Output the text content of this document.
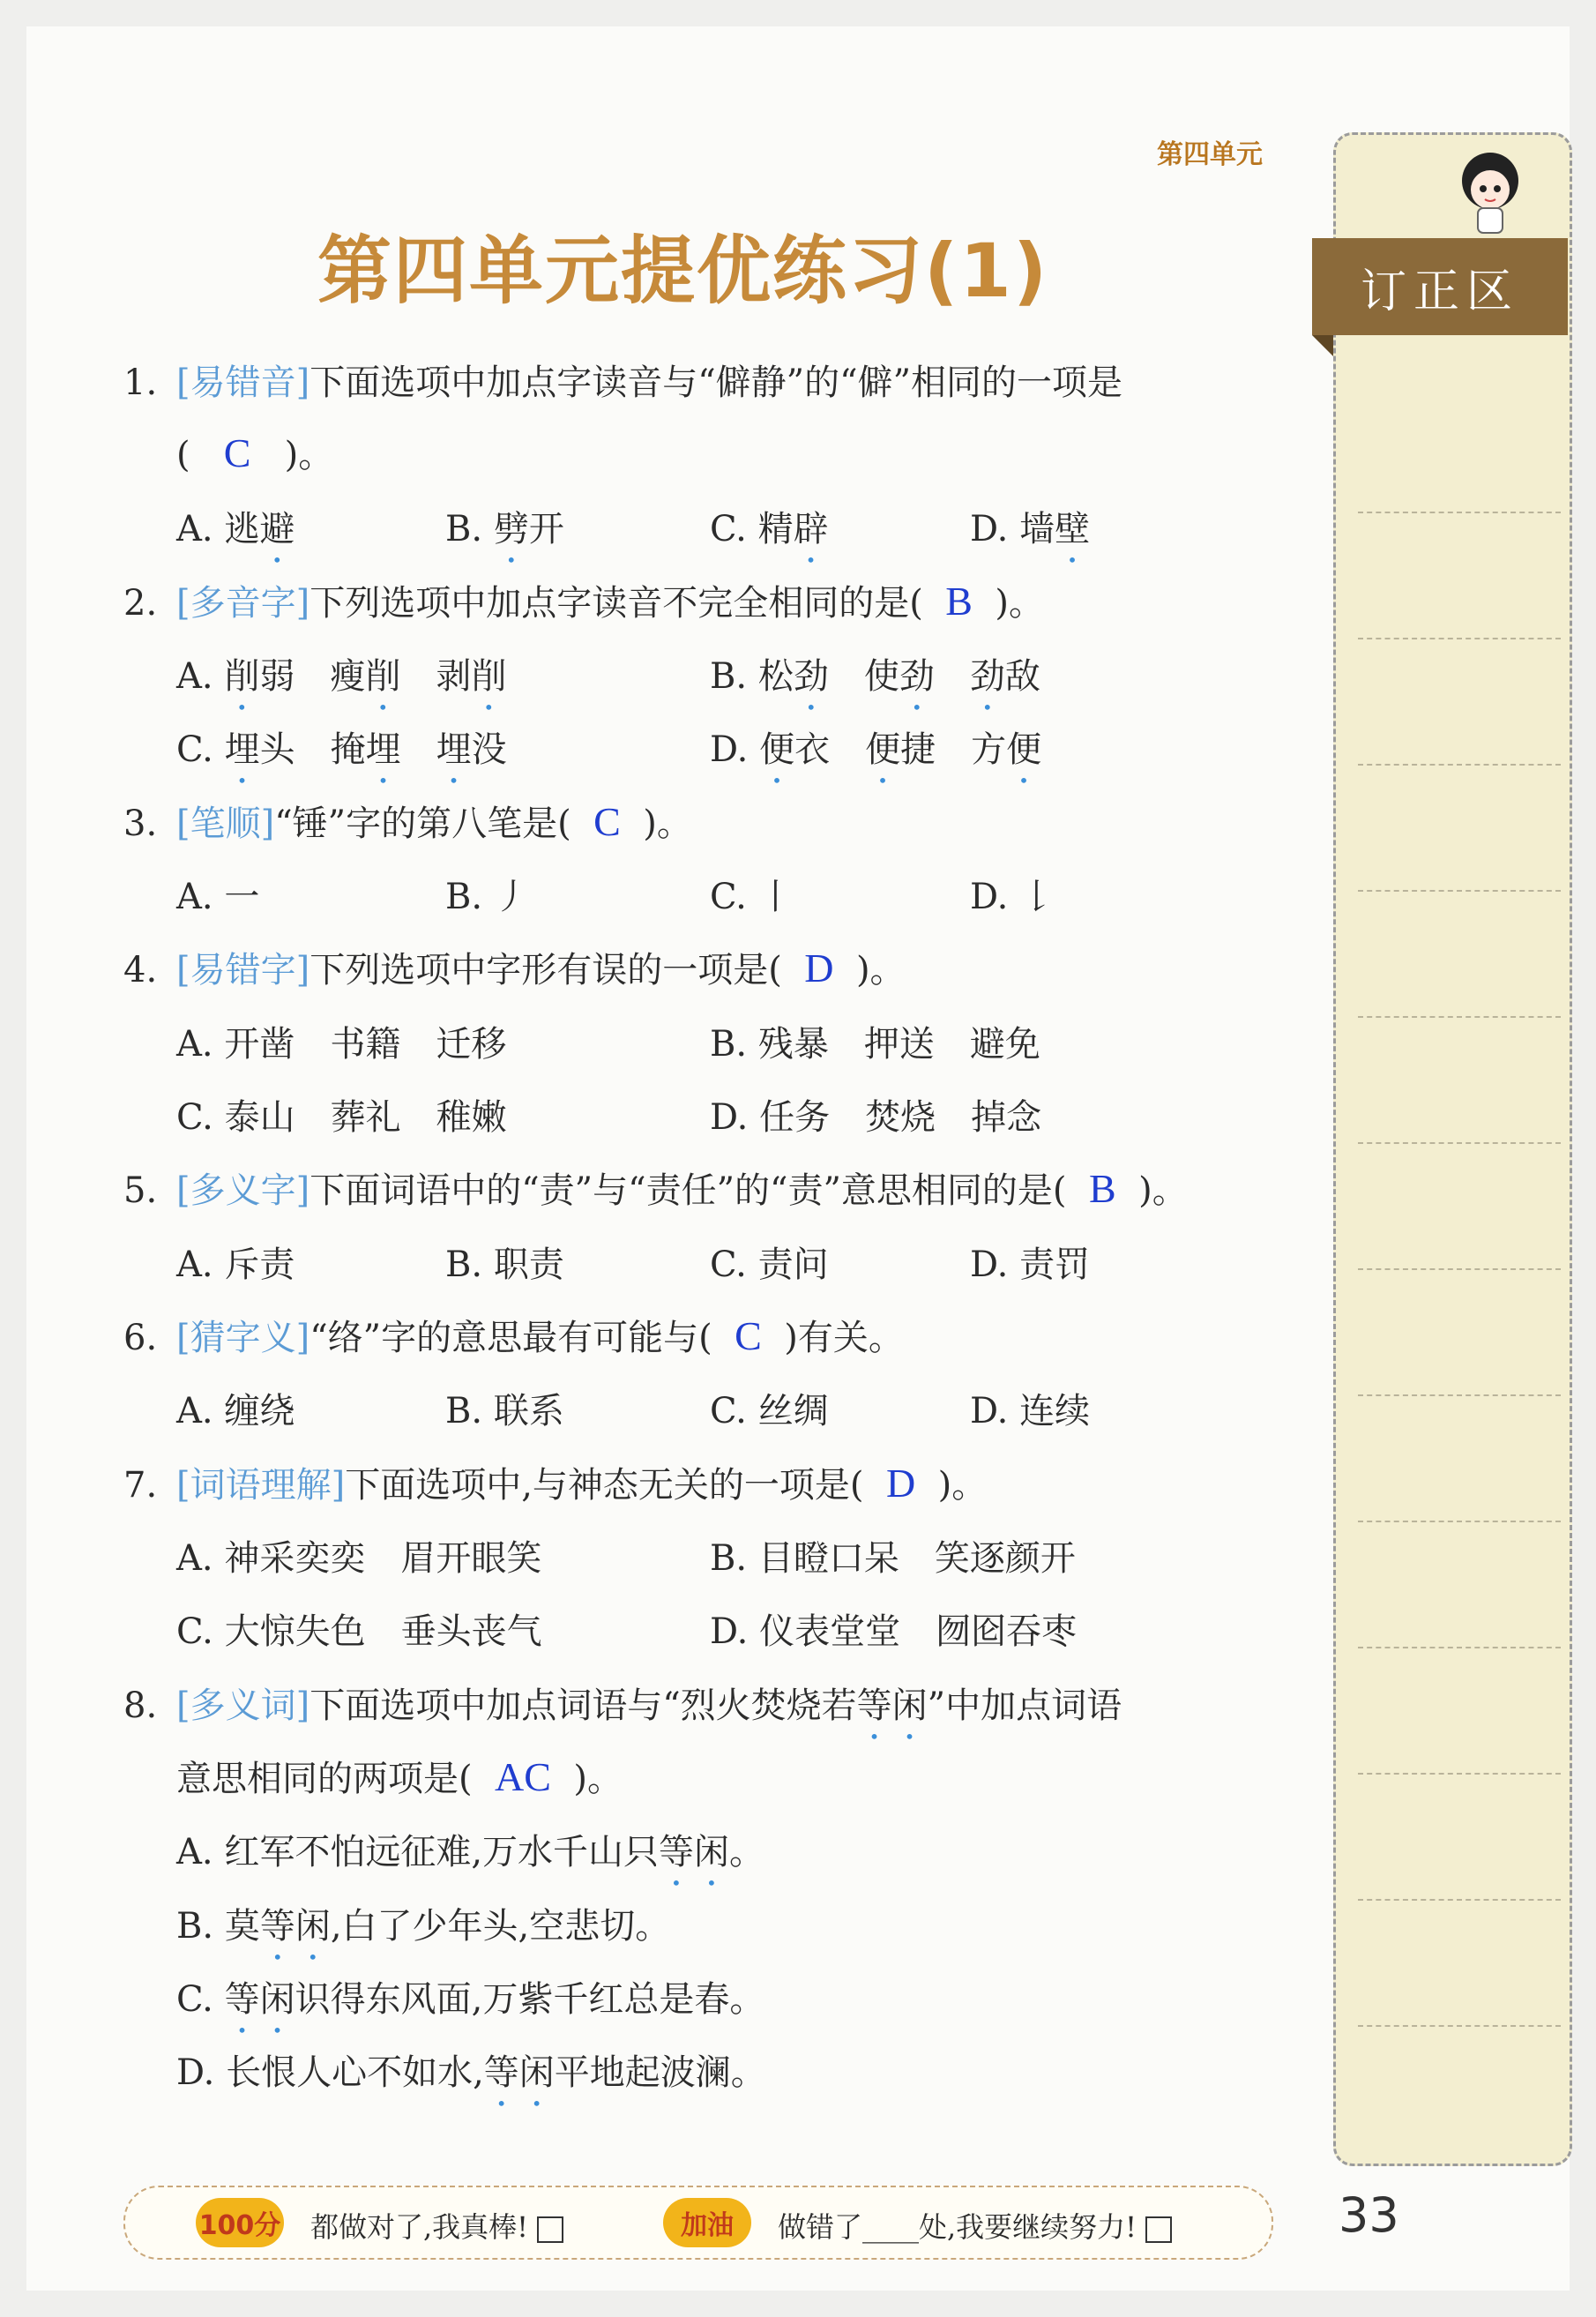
第四单元
第四单元提优练习(1)	订正区
1. [易错音]下面选项中加点字读音与“僻静”的“僻”相同的一项是
( C )。
A. 逃避	B. 劈开	C. 精辟	D. 墙壁
2. [多音字]下列选项中加点字读音不完全相同的是( B )。
A. 削弱　 瘦削　 剥削	B. 松劲　 使劲　 劲敌
C. 埋头　 掩埋　 埋没	D. 便衣　 便捷　 方便
3. [笔顺]“锤”字的第八笔是( C )。
A. 一	B. 丿	C. 丨	D. 𠄌
4. [易错字]下列选项中字形有误的一项是( D )。
A. 开凿　书籍　迁移	B. 残暴　押送　避免
C. 泰山　葬礼　稚嫩	D. 任务　焚烧　掉念
5. [多义字]下面词语中的“责”与“责任”的“责”意思相同的是( B )。
A. 斥责	B. 职责	C. 责问	D. 责罚
6. [猜字义]“络”字的意思最有可能与( C )有关。
A. 缠绕	B. 联系	C. 丝绸	D. 连续
7. [词语理解]下面选项中,与神态无关的一项是( D )。
A. 神采奕奕　眉开眼笑	B. 目瞪口呆　笑逐颜开
C. 大惊失色　垂头丧气	D. 仪表堂堂　囫囵吞枣
8. [多义词]下面选项中加点词语与“烈火焚烧若等闲”中加点词语
意思相同的两项是( AC )。
A. 红军不怕远征难,万水千山只等闲。
B. 莫等闲,白了少年头,空悲切。
C. 等闲识得东风面,万紫千红总是春。
D. 长恨人心不如水,等闲平地起波澜。
100分 都做对了,我真棒!	加油	做错了____处,我要继续努力!	33
